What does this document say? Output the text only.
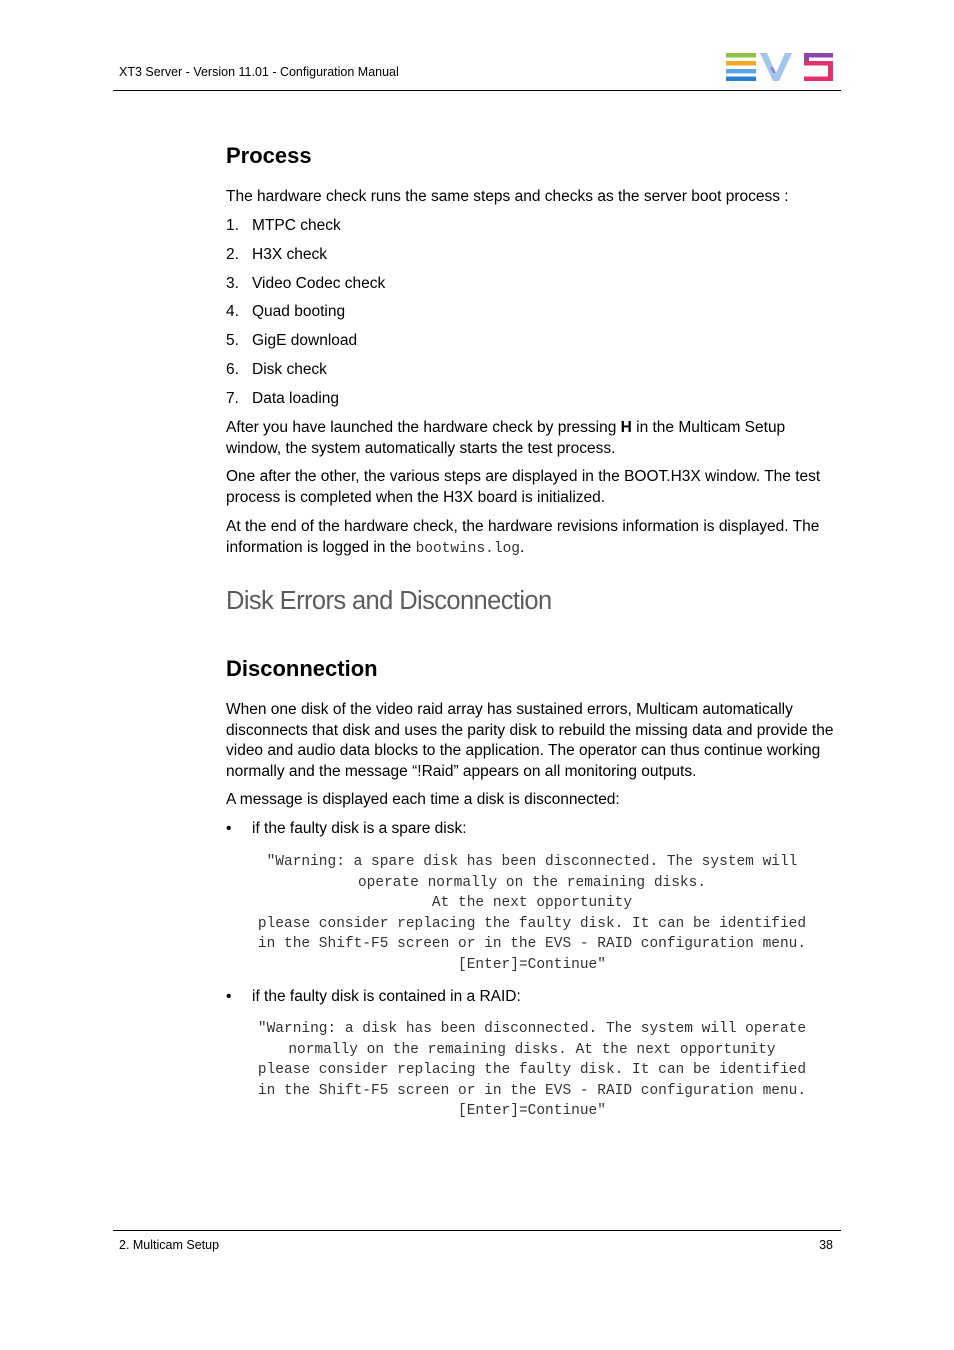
XT3 Server - Version 11.01 - Configuration Manual
Process

The hardware check runs the same steps and checks as the server boot process :

1. MTPC check
2. H3X check
3. Video Codec check
4. Quad booting
5. GigE download
6. Disk check
7. Data loading

After you have launched the hardware check by pressing H in the Multicam Setup window, the system automatically starts the test process.

One after the other, the various steps are displayed in the BOOT.H3X window. The test process is completed when the H3X board is initialized.

At the end of the hardware check, the hardware revisions information is displayed. The information is logged in the bootwins.log.

Disk Errors and Disconnection
Disconnection

When one disk of the video raid array has sustained errors, Multicam automatically disconnects that disk and uses the parity disk to rebuild the missing data and provide the video and audio data blocks to the application. The operator can thus continue working normally and the message “!Raid” appears on all monitoring outputs.

A message is displayed each time a disk is disconnected:

• if the faulty disk is a spare disk:
"Warning: a spare disk has been disconnected. The system will
operate normally on the remaining disks.
At the next opportunity
please consider replacing the faulty disk. It can be identified
in the Shift-F5 screen or in the EVS - RAID configuration menu.
[Enter]=Continue"
• if the faulty disk is contained in a RAID:
"Warning: a disk has been disconnected. The system will operate
normally on the remaining disks. At the next opportunity
please consider replacing the faulty disk. It can be identified
in the Shift-F5 screen or in the EVS - RAID configuration menu.
[Enter]=Continue"
2. Multicam Setup	38
